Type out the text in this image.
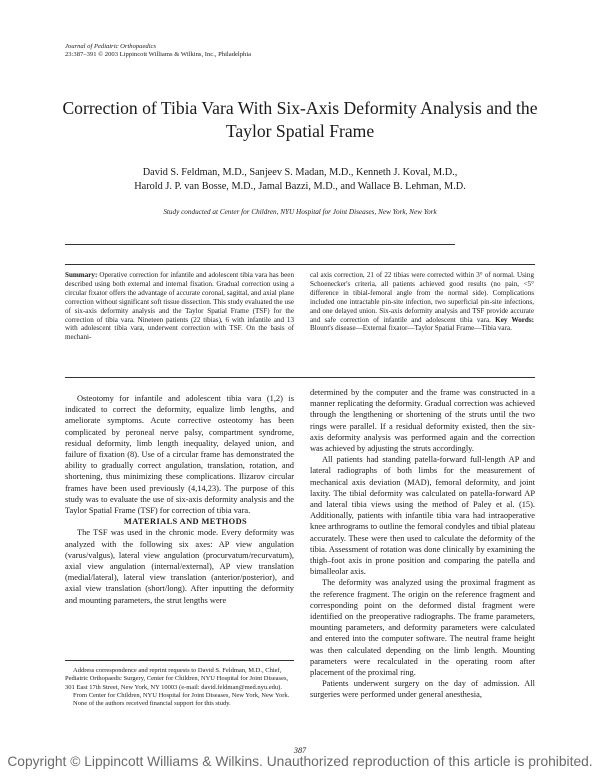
Journal of Pediatric Orthopaedics
23:387–391 © 2003 Lippincott Williams & Wilkins, Inc., Philadelphia
Correction of Tibia Vara With Six-Axis Deformity Analysis and the Taylor Spatial Frame
David S. Feldman, M.D., Sanjeev S. Madan, M.D., Kenneth J. Koval, M.D.,
Harold J. P. van Bosse, M.D., Jamal Bazzi, M.D., and Wallace B. Lehman, M.D.
Study conducted at Center for Children, NYU Hospital for Joint Diseases, New York, New York
Summary: Operative correction for infantile and adolescent tibia vara has been described using both external and internal fixation. Gradual correction using a circular fixator offers the advantage of accurate coronal, sagittal, and axial plane correction without significant soft tissue dissection. This study evaluated the use of six-axis deformity analysis and the Taylor Spatial Frame (TSF) for the correction of tibia vara. Nineteen patients (22 tibias), 6 with infantile and 13 with adolescent tibia vara, underwent correction with TSF. On the basis of mechani-
cal axis correction, 21 of 22 tibias were corrected within 3° of normal. Using Schoenecker's criteria, all patients achieved good results (no pain, <5° difference in tibial-femoral angle from the normal side). Complications included one intractable pin-site infection, two superficial pin-site infections, and one delayed union. Six-axis deformity analysis and TSF provide accurate and safe correction of infantile and adolescent tibia vara. Key Words: Blount's disease—External fixator—Taylor Spatial Frame—Tibia vara.

Osteotomy for infantile and adolescent tibia vara (1,2) is indicated to correct the deformity, equalize limb lengths, and ameliorate symptoms. Acute corrective osteotomy has been complicated by peroneal nerve palsy, compartment syndrome, residual deformity, limb length inequality, delayed union, and failure of fixation (8). Use of a circular frame has demonstrated the ability to gradually correct angulation, translation, rotation, and shortening, thus minimizing these complications. Ilizarov circular frames have been used previously (4,14,23). The purpose of this study was to evaluate the use of six-axis deformity analysis and the Taylor Spatial Frame (TSF) for correction of tibia vara.

MATERIALS AND METHODS

The TSF was used in the chronic mode. Every deformity was analyzed with the following six axes: AP view angulation (varus/valgus), lateral view angulation (procurvatum/recurvatum), axial view angulation (internal/external), AP view translation (medial/lateral), lateral view translation (anterior/posterior), and axial view translation (short/long). After inputting the deformity and mounting parameters, the strut lengths were

determined by the computer and the frame was constructed in a manner replicating the deformity. Gradual correction was achieved through the lengthening or shortening of the struts until the two rings were parallel. If a residual deformity existed, then the six-axis deformity analysis was performed again and the correction was achieved by adjusting the struts accordingly.

All patients had standing patella-forward full-length AP and lateral radiographs of both limbs for the measurement of mechanical axis deviation (MAD), femoral deformity, and joint laxity. The tibial deformity was calculated on patella-forward AP and lateral tibia views using the method of Paley et al. (15). Additionally, patients with infantile tibia vara had intraoperative knee arthrograms to outline the femoral condyles and tibial plateau accurately. These were then used to calculate the deformity of the tibia. Assessment of rotation was done clinically by examining the thigh–foot axis in prone position and comparing the patella and bimalleolar axis.

The deformity was analyzed using the proximal fragment as the reference fragment. The origin on the reference fragment and corresponding point on the deformed distal fragment were identified on the preoperative radiographs. The frame parameters, mounting parameters, and deformity parameters were calculated and entered into the computer software. The neutral frame height was then calculated depending on the limb length. Mounting parameters were recalculated in the operating room after placement of the proximal ring.

Patients underwent surgery on the day of admission. All surgeries were performed under general anesthesia,

Address correspondence and reprint requests to David S. Feldman, M.D., Chief, Pediatric Orthopaedic Surgery, Center for Children, NYU Hospital for Joint Diseases, 301 East 17th Street, New York, NY 10003 (e-mail: david.feldman@med.nyu.edu).

From Center for Children, NYU Hospital for Joint Diseases, New York, New York.

None of the authors received financial support for this study.

387
Copyright © Lippincott Williams & Wilkins. Unauthorized reproduction of this article is prohibited.
